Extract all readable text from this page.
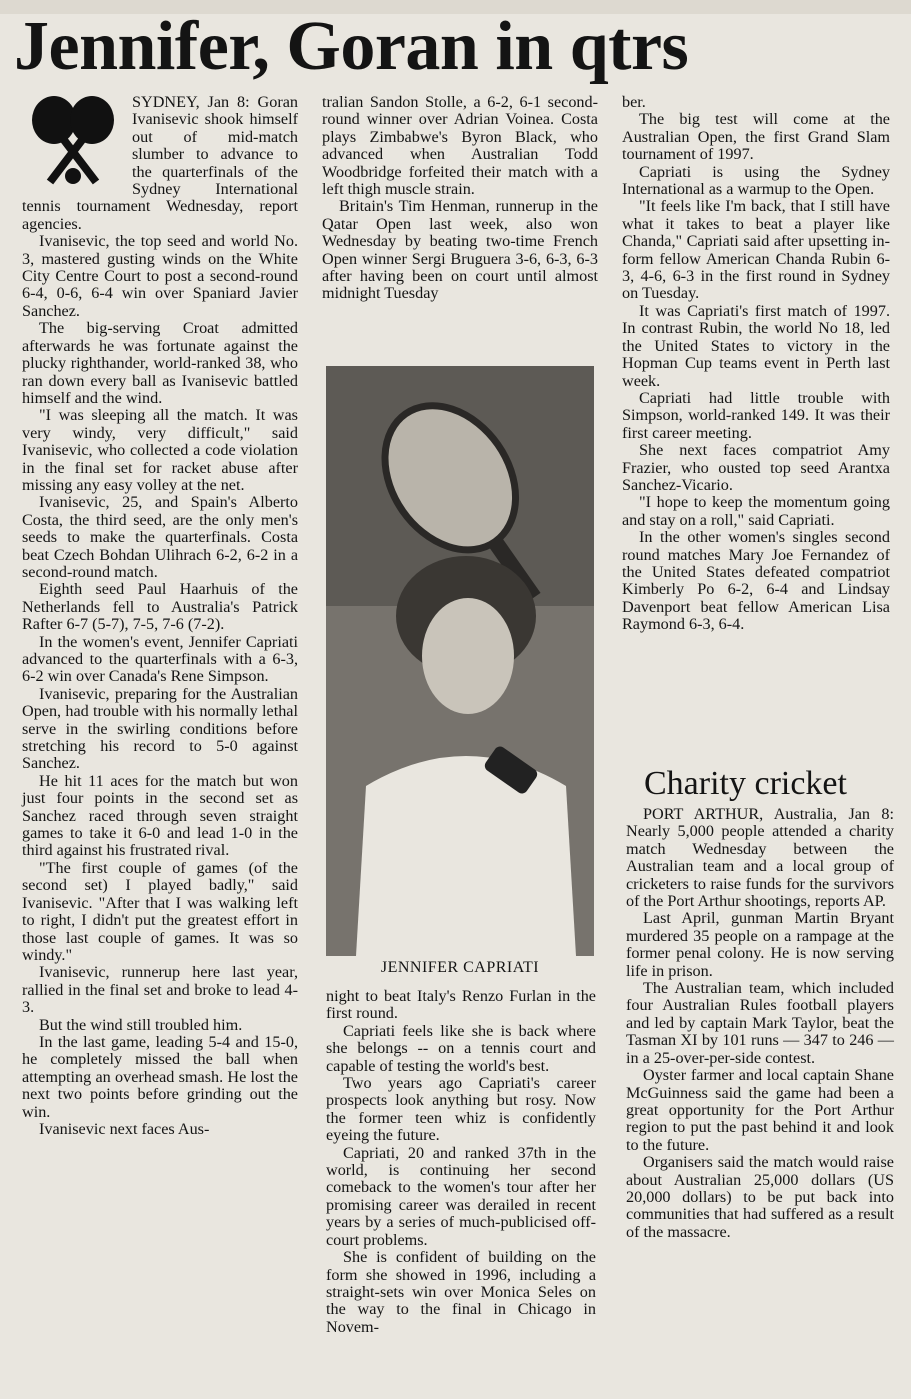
Jennifer, Goran in qtrs

SYDNEY, Jan 8: Goran Ivanisevic shook himself out of mid-match slumber to advance to the quarterfinals of the Sydney International tennis tournament Wednesday, report agencies.

Ivanisevic, the top seed and world No. 3, mastered gusting winds on the White City Centre Court to post a second-round 6-4, 0-6, 6-4 win over Spaniard Javier Sanchez.

The big-serving Croat admitted afterwards he was fortunate against the plucky righthander, world-ranked 38, who ran down every ball as Ivanisevic battled himself and the wind.

"I was sleeping all the match. It was very windy, very difficult," said Ivanisevic, who collected a code violation in the final set for racket abuse after missing any easy volley at the net.

Ivanisevic, 25, and Spain's Alberto Costa, the third seed, are the only men's seeds to make the quarterfinals. Costa beat Czech Bohdan Ulihrach 6-2, 6-2 in a second-round match.

Eighth seed Paul Haarhuis of the Netherlands fell to Australia's Patrick Rafter 6-7 (5-7), 7-5, 7-6 (7-2).

In the women's event, Jennifer Capriati advanced to the quarterfinals with a 6-3, 6-2 win over Canada's Rene Simpson.

Ivanisevic, preparing for the Australian Open, had trouble with his normally lethal serve in the swirling conditions before stretching his record to 5-0 against Sanchez.

He hit 11 aces for the match but won just four points in the second set as Sanchez raced through seven straight games to take it 6-0 and lead 1-0 in the third against his frustrated rival.

"The first couple of games (of the second set) I played badly," said Ivanisevic. "After that I was walking left to right, I didn't put the greatest effort in those last couple of games. It was so windy."

Ivanisevic, runnerup here last year, rallied in the final set and broke to lead 4-3.

But the wind still troubled him.

In the last game, leading 5-4 and 15-0, he completely missed the ball when attempting an overhead smash. He lost the next two points before grinding out the win.

Ivanisevic next faces Aus-

tralian Sandon Stolle, a 6-2, 6-1 second-round winner over Adrian Voinea. Costa plays Zimbabwe's Byron Black, who advanced when Australian Todd Woodbridge forfeited their match with a left thigh muscle strain.

Britain's Tim Henman, runnerup in the Qatar Open last week, also won Wednesday by beating two-time French Open winner Sergi Bruguera 3-6, 6-3, 6-3 after having been on court until almost midnight Tuesday

JENNIFER CAPRIATI

night to beat Italy's Renzo Furlan in the first round.

Capriati feels like she is back where she belongs -- on a tennis court and capable of testing the world's best.

Two years ago Capriati's career prospects look anything but rosy. Now the former teen whiz is confidently eyeing the future.

Capriati, 20 and ranked 37th in the world, is continuing her second comeback to the women's tour after her promising career was derailed in recent years by a series of much-publicised off-court problems.

She is confident of building on the form she showed in 1996, including a straight-sets win over Monica Seles on the way to the final in Chicago in Novem-

ber.

The big test will come at the Australian Open, the first Grand Slam tournament of 1997.

Capriati is using the Sydney International as a warmup to the Open.

"It feels like I'm back, that I still have what it takes to beat a player like Chanda," Capriati said after upsetting in-form fellow American Chanda Rubin 6-3, 4-6, 6-3 in the first round in Sydney on Tuesday.

It was Capriati's first match of 1997. In contrast Rubin, the world No 18, led the United States to victory in the Hopman Cup teams event in Perth last week.

Capriati had little trouble with Simpson, world-ranked 149. It was their first career meeting.

She next faces compatriot Amy Frazier, who ousted top seed Arantxa Sanchez-Vicario.

"I hope to keep the momentum going and stay on a roll," said Capriati.

In the other women's singles second round matches Mary Joe Fernandez of the United States defeated compatriot Kimberly Po 6-2, 6-4 and Lindsay Davenport beat fellow American Lisa Raymond 6-3, 6-4.

Charity cricket

PORT ARTHUR, Australia, Jan 8: Nearly 5,000 people attended a charity match Wednesday between the Australian team and a local group of cricketers to raise funds for the survivors of the Port Arthur shootings, reports AP.

Last April, gunman Martin Bryant murdered 35 people on a rampage at the former penal colony. He is now serving life in prison.

The Australian team, which included four Australian Rules football players and led by captain Mark Taylor, beat the Tasman XI by 101 runs — 347 to 246 — in a 25-over-per-side contest.

Oyster farmer and local captain Shane McGuinness said the game had been a great opportunity for the Port Arthur region to put the past behind it and look to the future.

Organisers said the match would raise about Australian 25,000 dollars (US 20,000 dollars) to be put back into communities that had suffered as a result of the massacre.
